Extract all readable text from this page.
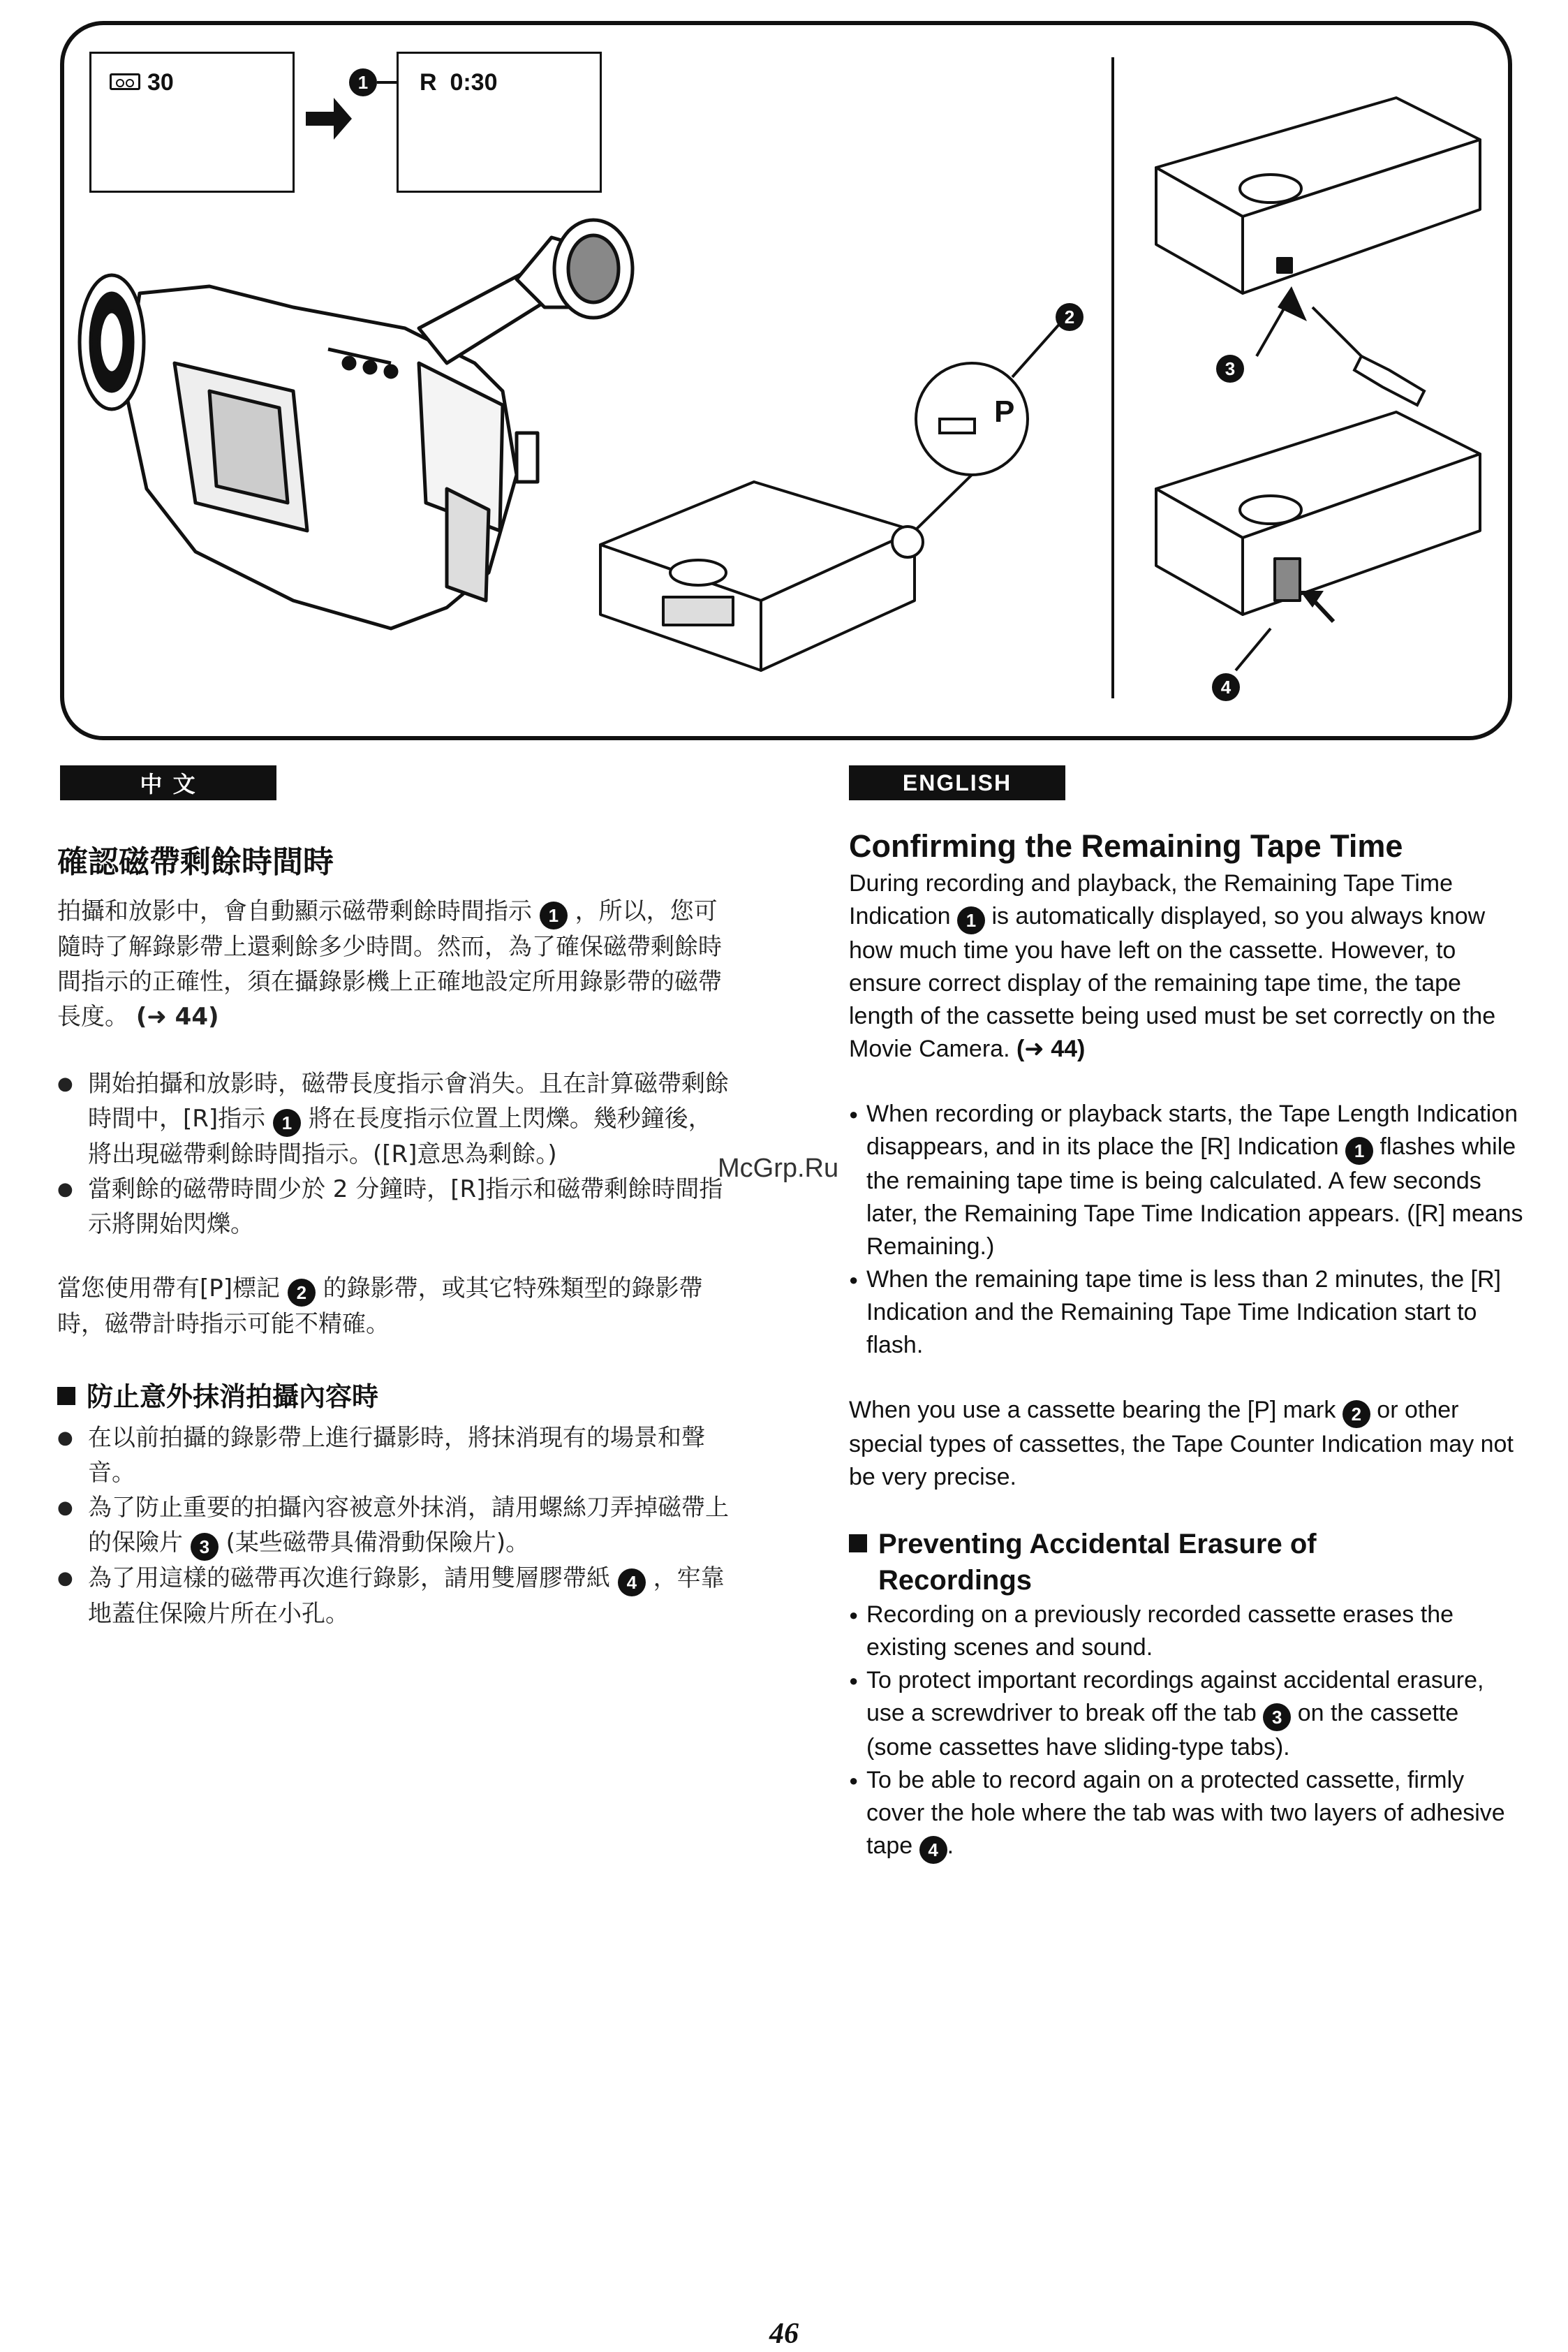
30
P
R  0:30
1
2
3
4
中 文
確認磁帶剩餘時間時

拍攝和放影中，會自動顯示磁帶剩餘時間指示 1 ，所以，您可隨時了解錄影帶上還剩餘多少時間。然而，為了確保磁帶剩餘時間指示的正確性，須在攝錄影機上正確地設定所用錄影帶的磁帶長度。 (➜ 44)

● 開始拍攝和放影時，磁帶長度指示會消失。且在計算磁帶剩餘時間中，[R]指示 1 將在長度指示位置上閃爍。幾秒鐘後，將出現磁帶剩餘時間指示。([R]意思為剩餘。)
● 當剩餘的磁帶時間少於 2 分鐘時，[R]指示和磁帶剩餘時間指示將開始閃爍。

當您使用帶有[P]標記 2 的錄影帶，或其它特殊類型的錄影帶時，磁帶計時指示可能不精確。

防止意外抹消拍攝內容時
● 在以前拍攝的錄影帶上進行攝影時，將抹消現有的場景和聲音。
● 為了防止重要的拍攝內容被意外抹消，請用螺絲刀弄掉磁帶上的保險片 3 (某些磁帶具備滑動保險片)。
● 為了用這樣的磁帶再次進行錄影，請用雙層膠帶紙 4 ，牢靠地蓋住保險片所在小孔。
ENGLISH
Confirming the Remaining Tape Time

During recording and playback, the Remaining Tape Time Indication 1 is automatically displayed, so you always know how much time you have left on the cassette. However, to ensure correct display of the remaining tape time, the tape length of the cassette being used must be set correctly on the Movie Camera. (➜ 44)

● When recording or playback starts, the Tape Length Indication disappears, and in its place the [R] Indication 1 flashes while the remaining tape time is being calculated. A few seconds later, the Remaining Tape Time Indication appears. ([R] means Remaining.)
● When the remaining tape time is less than 2 minutes, the [R] Indication and the Remaining Tape Time Indication start to flash.

When you use a cassette bearing the [P] mark 2 or other special types of cassettes, the Tape Counter Indication may not be very precise.

Preventing Accidental Erasure of Recordings
● Recording on a previously recorded cassette erases the existing scenes and sound.
● To protect important recordings against accidental erasure, use a screwdriver to break off the tab 3 on the cassette (some cassettes have sliding-type tabs).
● To be able to record again on a protected cassette, firmly cover the hole where the tab was with two layers of adhesive tape 4 .
McGrp.Ru
46
